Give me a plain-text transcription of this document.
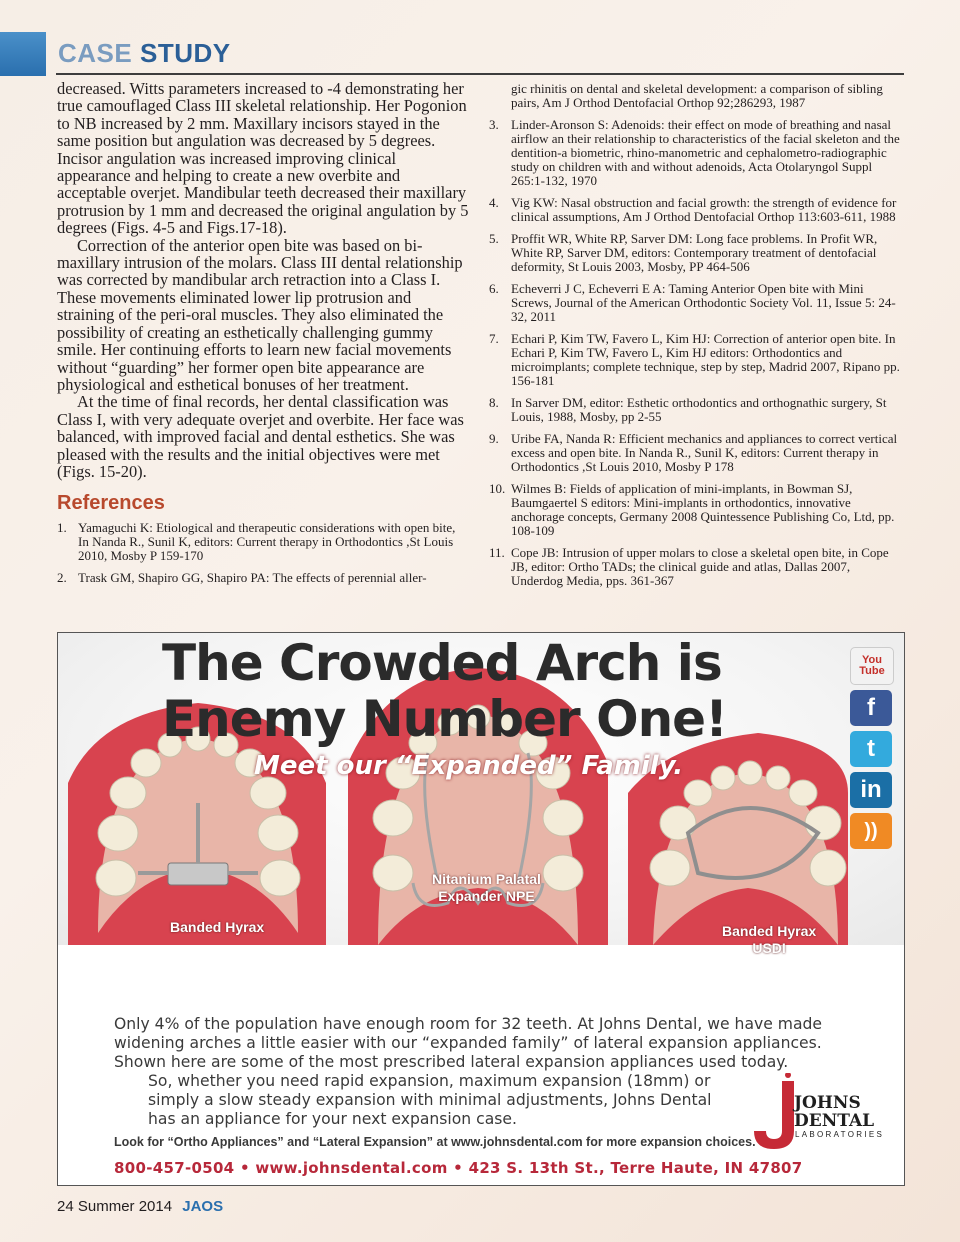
CASE STUDY

decreased. Witts parameters increased to -4 demonstrating her true camouflaged Class III skeletal relationship. Her Pogonion to NB increased by 2 mm. Maxillary incisors stayed in the same position but angulation was decreased by 5 degrees. Incisor angulation was increased improving clinical appearance and helping to create a new overbite and acceptable overjet. Mandibular teeth decreased their maxillary protrusion by 1 mm and decreased the original angulation by 5 degrees (Figs. 4-5 and Figs.17-18).

Correction of the anterior open bite was based on bi-maxillary intrusion of the molars. Class III dental relationship was corrected by mandibular arch retraction into a Class I. These movements eliminated lower lip protrusion and straining of the peri-oral muscles. They also eliminated the possibility of creating an esthetically challenging gummy smile. Her continuing efforts to learn new facial movements without “guarding” her former open bite appearance are physiological and esthetical bonuses of her treatment.

At the time of final records, her dental classification was Class I, with very adequate overjet and overbite. Her face was balanced, with improved facial and dental esthetics. She was pleased with the results and the initial objectives were met (Figs. 15-20).

References
1. Yamaguchi K: Etiological and therapeutic considerations with open bite, In Nanda R., Sunil K, editors: Current therapy in Orthodontics ,St Louis 2010, Mosby P 159-170
2. Trask GM, Shapiro GG, Shapiro PA: The effects of perennial aller-
gic rhinitis on dental and skeletal development: a comparison of sibling pairs, Am J Orthod Dentofacial Orthop 92;286293, 1987
3. Linder-Aronson S: Adenoids: their effect on mode of breathing and nasal airflow an their relationship to characteristics of the facial skeleton and the dentition-a biometric, rhino-manometric and cephalometro-radiographic study on children with and without adenoids, Acta Otolaryngol Suppl 265:1-132, 1970
4. Vig KW: Nasal obstruction and facial growth: the strength of evidence for clinical assumptions, Am J Orthod Dentofacial Orthop 113:603-611, 1988
5. Proffit WR, White RP, Sarver DM: Long face problems. In Profit WR, White RP, Sarver DM, editors: Contemporary treatment of dentofacial deformity, St Louis 2003, Mosby, PP 464-506
6. Echeverri J C, Echeverri E A: Taming Anterior Open bite with Mini Screws, Journal of the American Orthodontic Society Vol. 11, Issue 5: 24-32, 2011
7. Echari P, Kim TW, Favero L, Kim HJ: Correction of anterior open bite. In Echari P, Kim TW, Favero L, Kim HJ editors: Orthodontics and microimplants; complete technique, step by step, Madrid 2007, Ripano pp. 156-181
8. In Sarver DM, editor: Esthetic orthodontics and orthognathic surgery, St Louis, 1988, Mosby, pp 2-55
9. Uribe FA, Nanda R: Efficient mechanics and appliances to correct vertical excess and open bite. In Nanda R., Sunil K, editors: Current therapy in Orthodontics ,St Louis 2010, Mosby P 178
10. Wilmes B: Fields of application of mini-implants, in Bowman SJ, Baumgaertel S editors: Mini-implants in orthodontics, innovative anchorage concepts, Germany 2008 Quintessence Publishing Co, Ltd, pp. 108-109
11. Cope JB: Intrusion of upper molars to close a skeletal open bite, in Cope JB, editor: Ortho TADs; the clinical guide and atlas, Dallas 2007, Underdog Media, pps. 361-367
The Crowded Arch is
Enemy Number One!
Meet our “Expanded” Family.
Banded Hyrax
Nitanium Palatal
Expander NPE
Banded Hyrax
USDI
You
Tube
f
t
in
))
Only 4% of the population have enough room for 32 teeth. At Johns Dental, we have made widening arches a little easier with our “expanded family” of lateral expansion appliances. Shown here are some of the most prescribed lateral expansion appliances used today.
So, whether you need rapid expansion, maximum expansion (18mm) or simply a slow steady expansion with minimal adjustments, Johns Dental has an appliance for your next expansion case.
Look for “Ortho Appliances” and “Lateral Expansion” at www.johnsdental.com for more expansion choices.
800-457-0504 • www.johnsdental.com • 423 S. 13th St., Terre Haute, IN 47807
JOHNS
DENTAL
LABORATORIES
24 Summer 2014 JAOS
